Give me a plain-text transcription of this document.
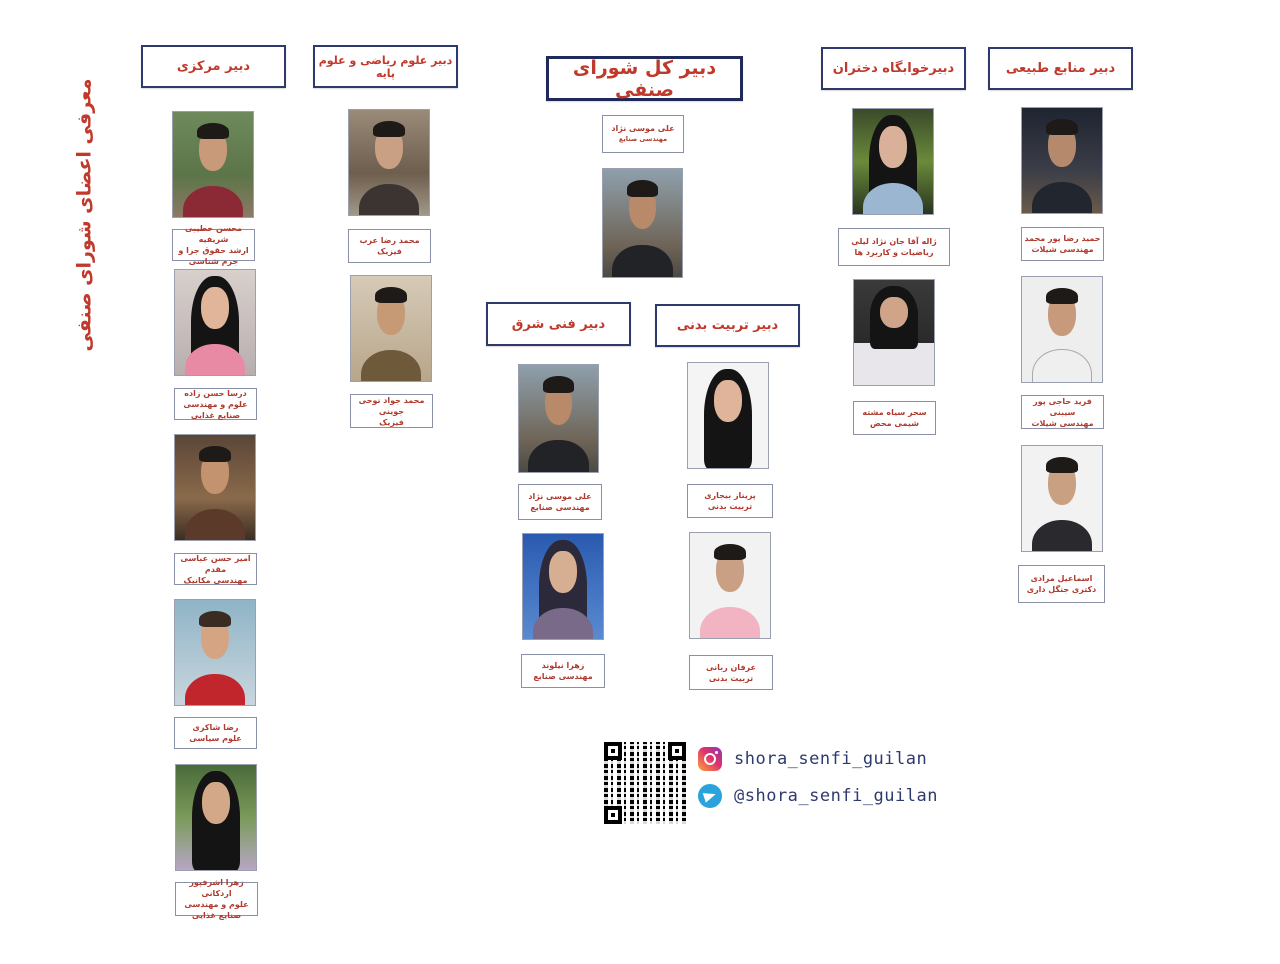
معرفی اعضای شورای صنفی
دبیر کل شورای صنفی
دبیر مرکزی	دبیر علوم ریاضی و علوم پایه	دبیرخوابگاه دختران	دبیر منابع طبیعی
دبیر فنی شرق	دبیر تربیت بدنی
علی موسی نژاد
مهندسی صنایع
محسن خطیبی شریفیه
ارشد حقوق جزا و جرم شناسی
درسا حسن زاده
علوم و مهندسی صنایع غذایی
امیر حسن عباسی مقدم
مهندسی مکانیک
رضا شاکری
علوم سیاسی
زهرا اشرفپور اردکانی
علوم و مهندسی صنایع غذایی
محمد رضا عرب
فیزیک
محمد جواد نوحی جوینی
فیزیک
ژاله آقا جان نژاد لیلی
ریاضیات و کاربرد ها
سحر سیاه مشته
شیمی محض
حمید رضا پور محمد
مهندسی شیلات
فرید حاجی پور سیبنی
مهندسی شیلات
اسماعیل مرادی
دکتری جنگل داری
علی موسی نژاد
مهندسی صنایع
زهرا نیلوند
مهندسی صنایع
پریناز بیجاری
تربیت بدنی
عرفان ربانی
تربیت بدنی
shora_senfi_guilan
@shora_senfi_guilan
